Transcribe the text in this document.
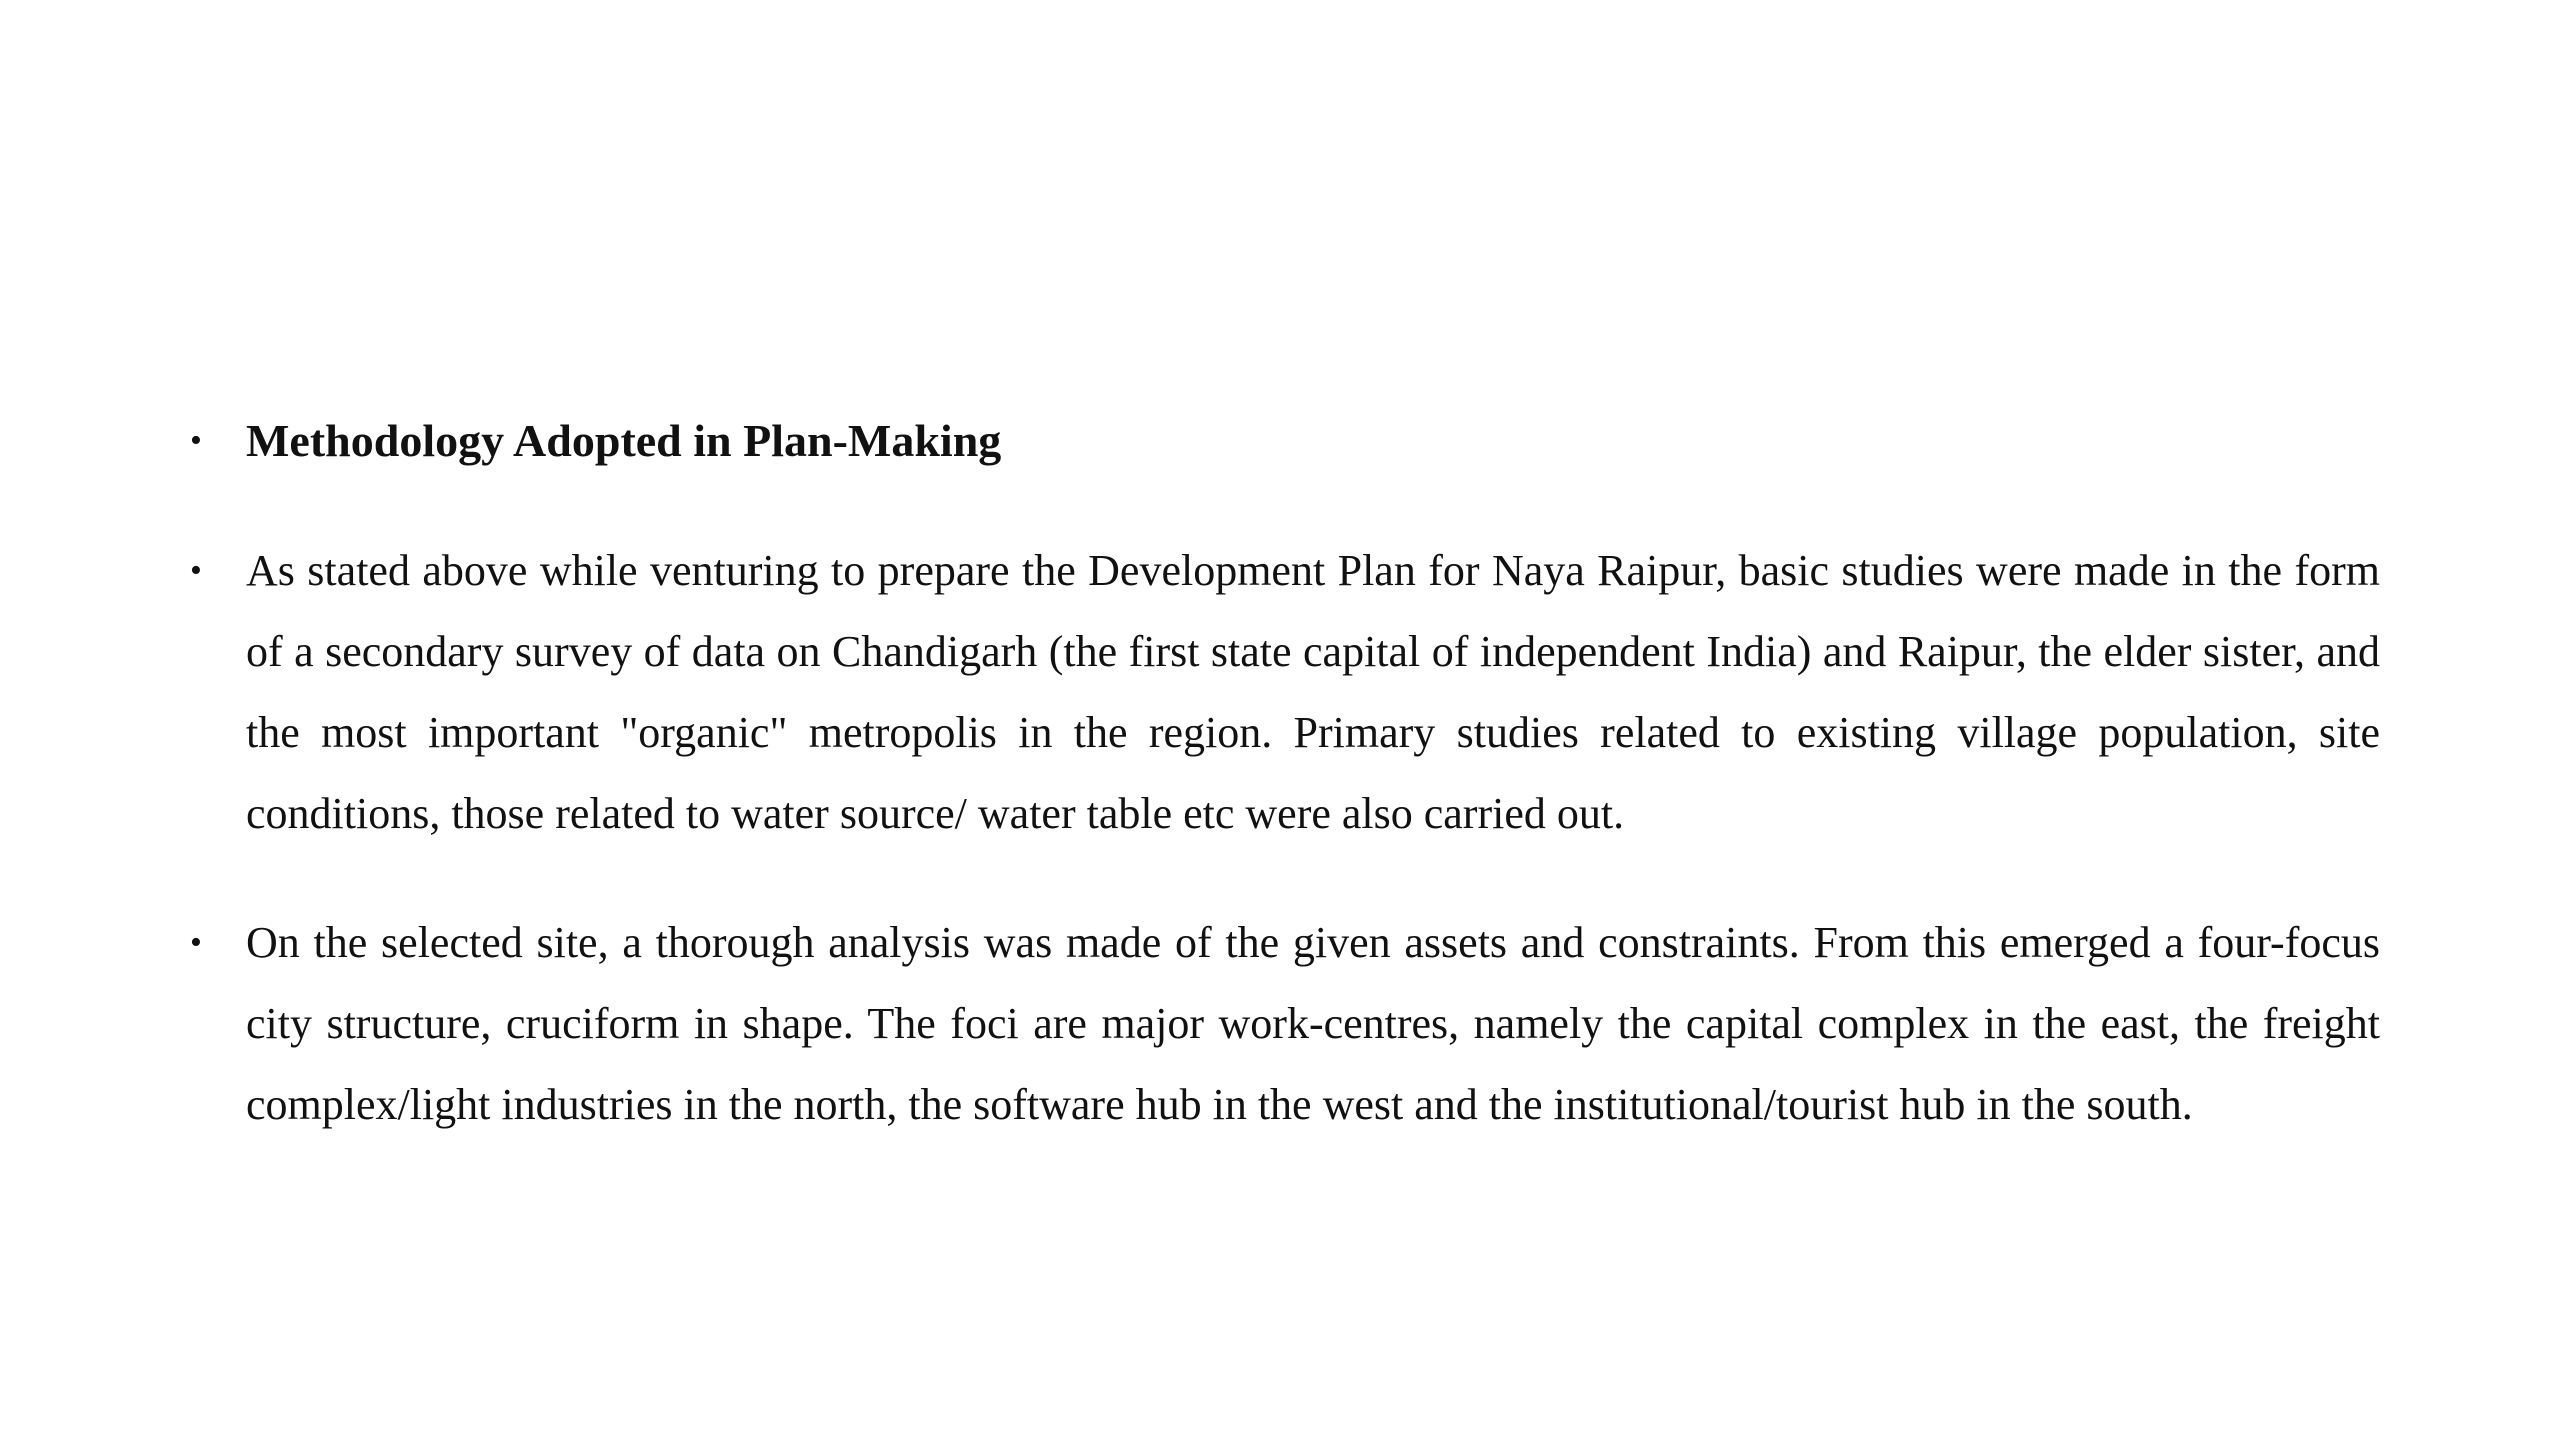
• Methodology Adopted in Plan-Making

• As stated above while venturing to prepare the Development Plan for Naya Raipur, basic studies were made in the form of a secondary survey of data on Chandigarh (the first state capital of independent India) and Raipur, the elder sister, and the most important "organic" metropolis in the region. Primary studies related to existing village population, site conditions, those related to water source/ water table etc were also carried out.

• On the selected site, a thorough analysis was made of the given assets and constraints. From this emerged a four-focus city structure, cruciform in shape. The foci are major work-centres, namely the capital complex in the east, the freight complex/light industries in the north, the software hub in the west and the institutional/tourist hub in the south.
